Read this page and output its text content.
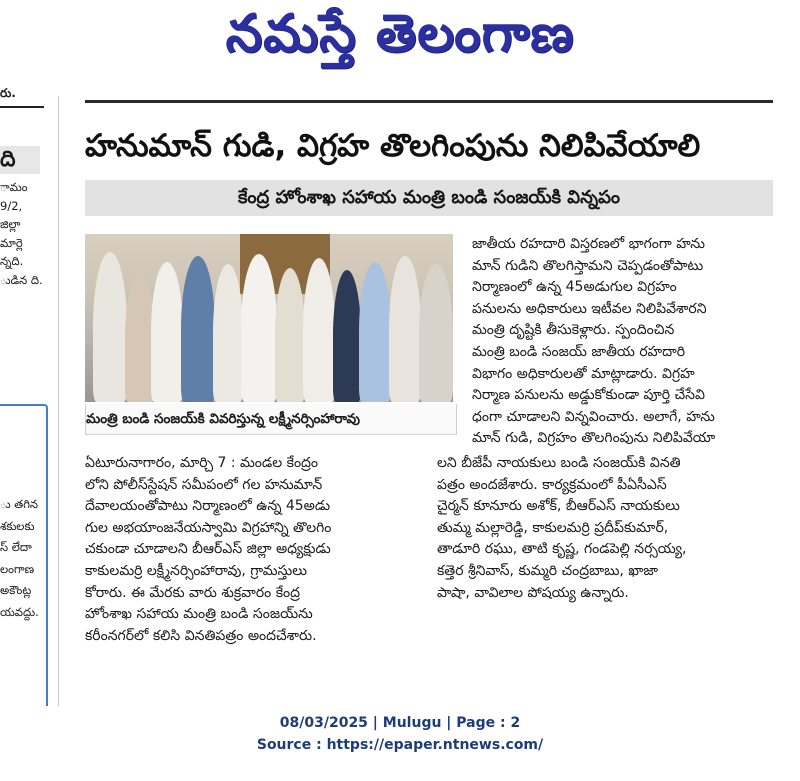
నమస్తే తెలంగాణ
రు.
ది
ామం
9/2,
జిల్లా
మార్లె
న్నది.
ుడిన ది.
ు తగిన
శకులకు
స్ లేదా
లంగాణ
అకౌంట్ల
యవద్దు.
హనుమాన్ గుడి, విగ్రహ తొలగింపును నిలిపివేయాలి
కేంద్ర హోంశాఖ సహాయ మంత్రి బండి సంజయ్‌కి విన్నపం
మంత్రి బండి సంజయ్‌కి వివరిస్తున్న లక్ష్మీనర్సింహారావు
జాతీయ రహదారి విస్తరణలో భాగంగా హను
మాన్ గుడిని తొలగిస్తామని చెప్పడంతోపాటు
నిర్మాణంలో ఉన్న 45అడుగుల విగ్రహం
పనులను అధికారులు ఇటీవల నిలిపివేశారని
మంత్రి దృష్టికి తీసుకెళ్లారు. స్పందించిన
మంత్రి బండి సంజయ్ జాతీయ రహదారి
విభాగం అధికారులతో మాట్లాడారు. విగ్రహ
నిర్మాణ పనులను అడ్డుకోకుండా పూర్తి చేసేవి
ధంగా చూడాలని విన్నవించారు. అలాగే, హను
మాన్ గుడి, విగ్రహం తొలగింపును నిలిపివేయా
ఏటూరునాగారం, మార్చి 7 : మండల కేంద్రం
లోని పోలీస్‌స్టేషన్ సమీపంలో గల హనుమాన్
దేవాలయంతోపాటు నిర్మాణంలో ఉన్న 45అడు
గుల అభయాంజనేయస్వామి విగ్రహాన్ని తొలగిం
చకుండా చూడాలని బీఆర్‌ఎస్ జిల్లా అధ్యక్షుడు
కాకులమర్రి లక్ష్మీనర్సింహారావు, గ్రామస్తులు
కోరారు. ఈ మేరకు వారు శుక్రవారం కేంద్ర
హోంశాఖ సహాయ మంత్రి బండి సంజయ్‌ను
కరీంనగర్‌లో కలిసి వినతిపత్రం అందచేశారు.
లని బీజేపీ నాయకులు బండి సంజయ్‌కి వినతి
పత్రం అందజేశారు. కార్యక్రమంలో పీఏసీఎస్
చైర్మన్ కూనూరు అశోక్, బీఆర్‌ఎస్ నాయకులు
తుమ్మ మల్లారెడ్డి, కాకులమర్రి ప్రదీప్‌కుమార్,
తాడూరి రఘు, తాటి కృష్ణ, గండపెల్లి నర్సయ్య,
కత్తెర శ్రీనివాస్, కుమ్మరి చంద్రబాబు, ఖాజా
పాషా, వావిలాల పోషయ్య ఉన్నారు.
08/03/2025 | Mulugu | Page : 2
Source : https://epaper.ntnews.com/
